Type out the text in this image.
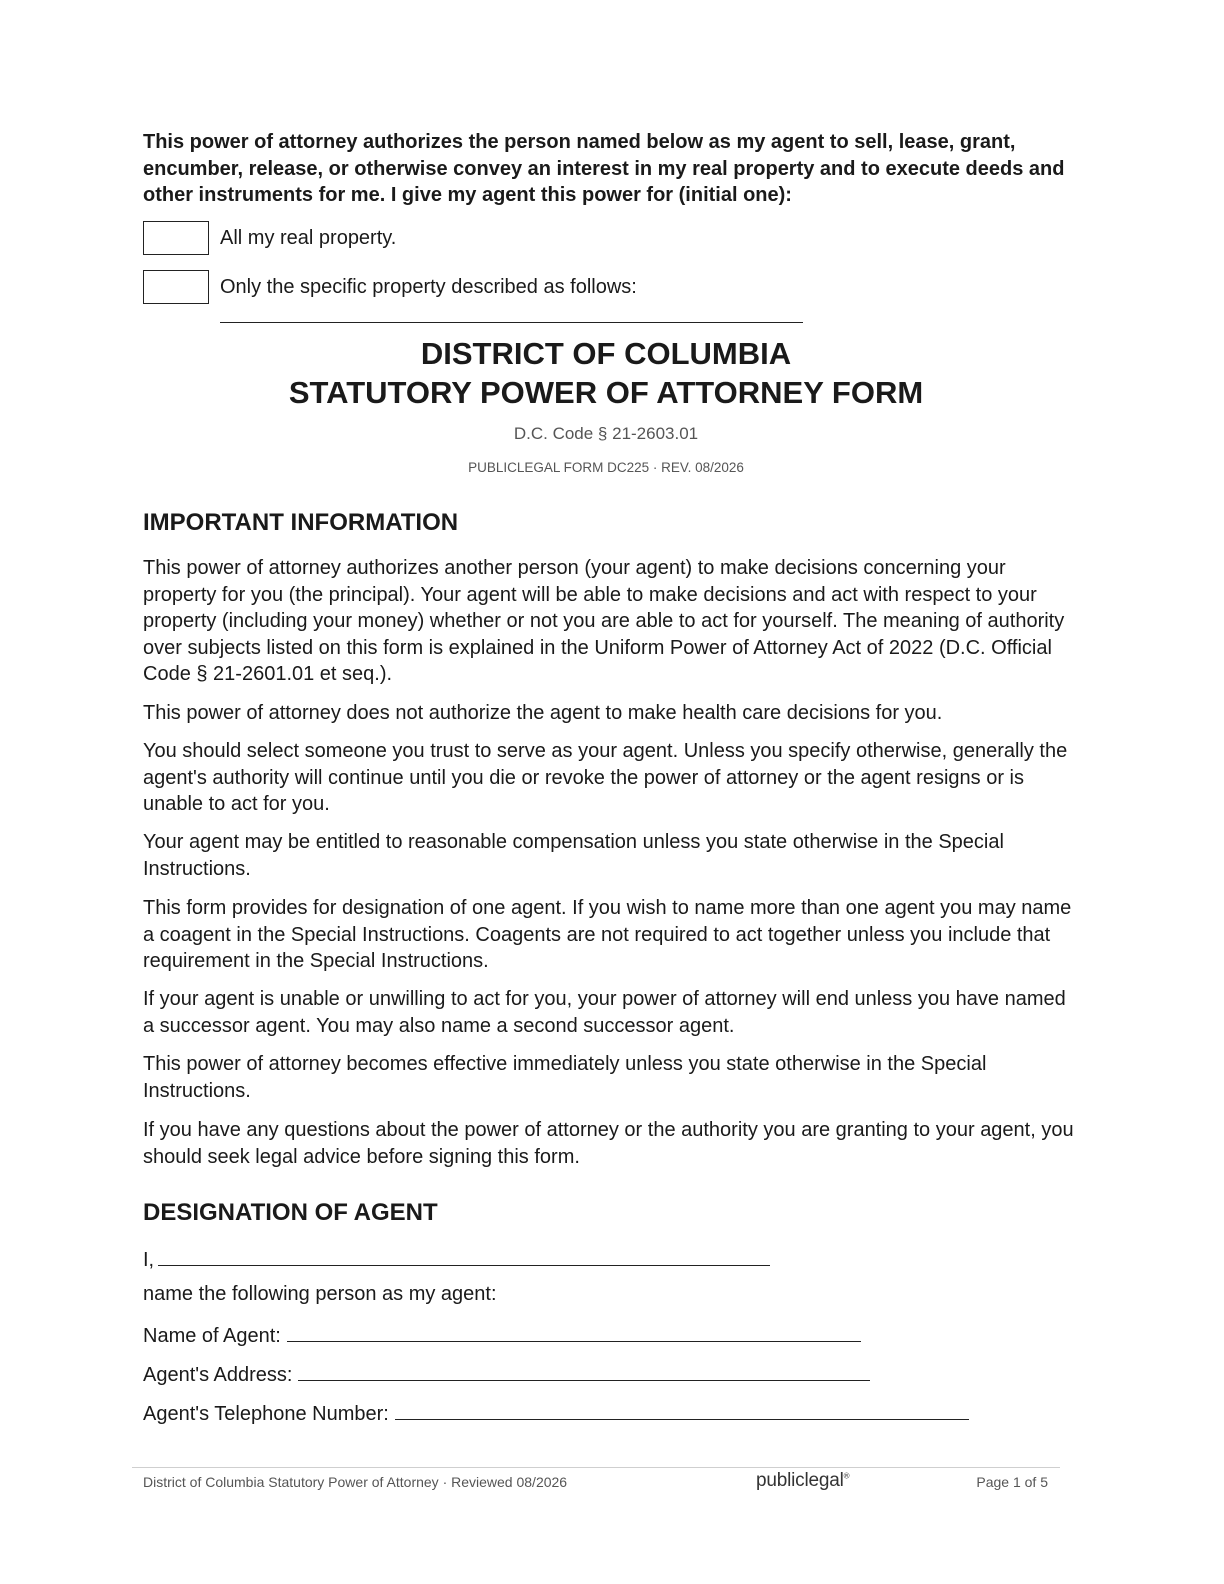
This power of attorney authorizes the person named below as my agent to sell, lease, grant, encumber, release, or otherwise convey an interest in my real property and to execute deeds and other instruments for me. I give my agent this power for (initial one):
All my real property.
Only the specific property described as follows:
DISTRICT OF COLUMBIA
STATUTORY POWER OF ATTORNEY FORM
D.C. Code § 21-2603.01
PUBLICLEGAL FORM DC225 · REV. 08/2026
IMPORTANT INFORMATION
This power of attorney authorizes another person (your agent) to make decisions concerning your property for you (the principal). Your agent will be able to make decisions and act with respect to your property (including your money) whether or not you are able to act for yourself. The meaning of authority over subjects listed on this form is explained in the Uniform Power of Attorney Act of 2022 (D.C. Official Code § 21-2601.01 et seq.).
This power of attorney does not authorize the agent to make health care decisions for you.
You should select someone you trust to serve as your agent. Unless you specify otherwise, generally the agent's authority will continue until you die or revoke the power of attorney or the agent resigns or is unable to act for you.
Your agent may be entitled to reasonable compensation unless you state otherwise in the Special Instructions.
This form provides for designation of one agent. If you wish to name more than one agent you may name a coagent in the Special Instructions. Coagents are not required to act together unless you include that requirement in the Special Instructions.
If your agent is unable or unwilling to act for you, your power of attorney will end unless you have named a successor agent. You may also name a second successor agent.
This power of attorney becomes effective immediately unless you state otherwise in the Special Instructions.
If you have any questions about the power of attorney or the authority you are granting to your agent, you should seek legal advice before signing this form.
DESIGNATION OF AGENT
I,
name the following person as my agent:
Name of Agent:
Agent's Address:
Agent's Telephone Number:
District of Columbia Statutory Power of Attorney · Reviewed 08/2026	publiclegal®	Page 1 of 5
